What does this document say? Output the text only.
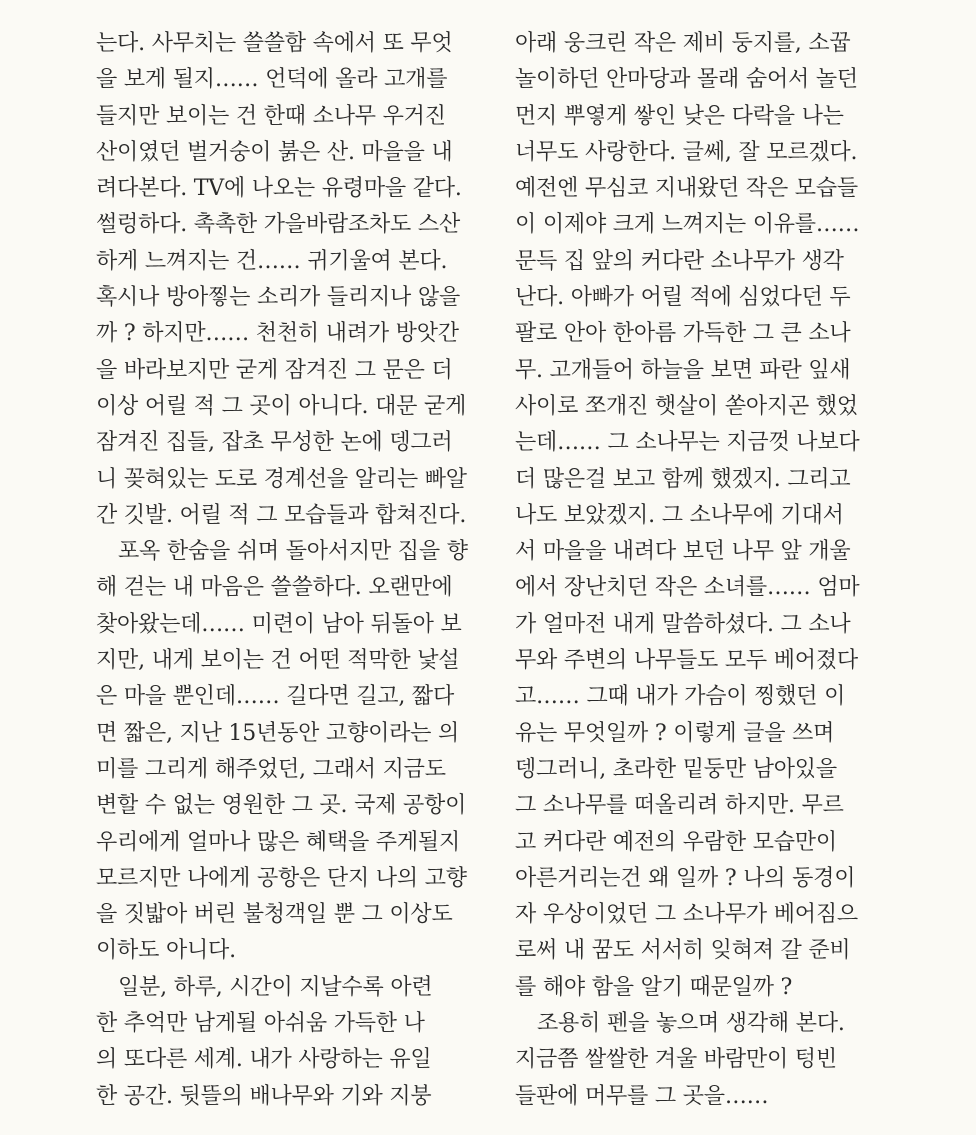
는다. 사무치는 쓸쓸함 속에서 또 무엇
을 보게 될지…… 언덕에 올라 고개를
들지만 보이는 건 한때 소나무 우거진
산이였던 벌거숭이 붉은 산. 마을을 내
려다본다. TV에 나오는 유령마을 같다.
썰렁하다. 촉촉한 가을바람조차도 스산
하게 느껴지는 건…… 귀기울여 본다.
혹시나 방아찧는 소리가 들리지나 않을
까 ? 하지만…… 천천히 내려가 방앗간
을 바라보지만 굳게 잠겨진 그 문은 더
이상 어릴 적 그 곳이 아니다. 대문 굳게
잠겨진 집들, 잡초 무성한 논에 뎅그러
니 꽂혀있는 도로 경계선을 알리는 빠알
간 깃발. 어릴 적 그 모습들과 합쳐진다.
포옥 한숨을 쉬며 돌아서지만 집을 향
해 걷는 내 마음은 쓸쓸하다. 오랜만에
찾아왔는데…… 미련이 남아 뒤돌아 보
지만, 내게 보이는 건 어떤 적막한 낯설
은 마을 뿐인데…… 길다면 길고, 짧다
면 짧은, 지난 15년동안 고향이라는 의
미를 그리게 해주었던, 그래서 지금도
변할 수 없는 영원한 그 곳. 국제 공항이
우리에게 얼마나 많은 혜택을 주게될지
모르지만 나에게 공항은 단지 나의 고향
을 짓밟아 버린 불청객일 뿐 그 이상도
이하도 아니다.
일분, 하루, 시간이 지날수록 아련
한 추억만 남게될 아쉬움 가득한 나
의 또다른 세계. 내가 사랑하는 유일
한 공간. 뒷뜰의 배나무와 기와 지붕
아래 웅크린 작은 제비 둥지를, 소꿉
놀이하던 안마당과 몰래 숨어서 놀던
먼지 뿌옇게 쌓인 낮은 다락을 나는
너무도 사랑한다. 글쎄, 잘 모르겠다.
예전엔 무심코 지내왔던 작은 모습들
이 이제야 크게 느껴지는 이유를……
문득 집 앞의 커다란 소나무가 생각
난다. 아빠가 어릴 적에 심었다던 두
팔로 안아 한아름 가득한 그 큰 소나
무. 고개들어 하늘을 보면 파란 잎새
사이로 쪼개진 햇살이 쏟아지곤 했었
는데…… 그 소나무는 지금껏 나보다
더 많은걸 보고 함께 했겠지. 그리고
나도 보았겠지. 그 소나무에 기대서
서 마을을 내려다 보던 나무 앞 개울
에서 장난치던 작은 소녀를…… 엄마
가 얼마전 내게 말씀하셨다. 그 소나
무와 주변의 나무들도 모두 베어졌다
고…… 그때 내가 가슴이 찡했던 이
유는 무엇일까 ? 이렇게 글을 쓰며
뎅그러니, 초라한 밑둥만 남아있을
그 소나무를 떠올리려 하지만. 무르
고 커다란 예전의 우람한 모습만이
아른거리는건 왜 일까 ? 나의 동경이
자 우상이었던 그 소나무가 베어짐으
로써 내 꿈도 서서히 잊혀져 갈 준비
를 해야 함을 알기 때문일까 ?
조용히 펜을 놓으며 생각해 본다.
지금쯤 쌀쌀한 겨울 바람만이 텅빈
들판에 머무를 그 곳을……
